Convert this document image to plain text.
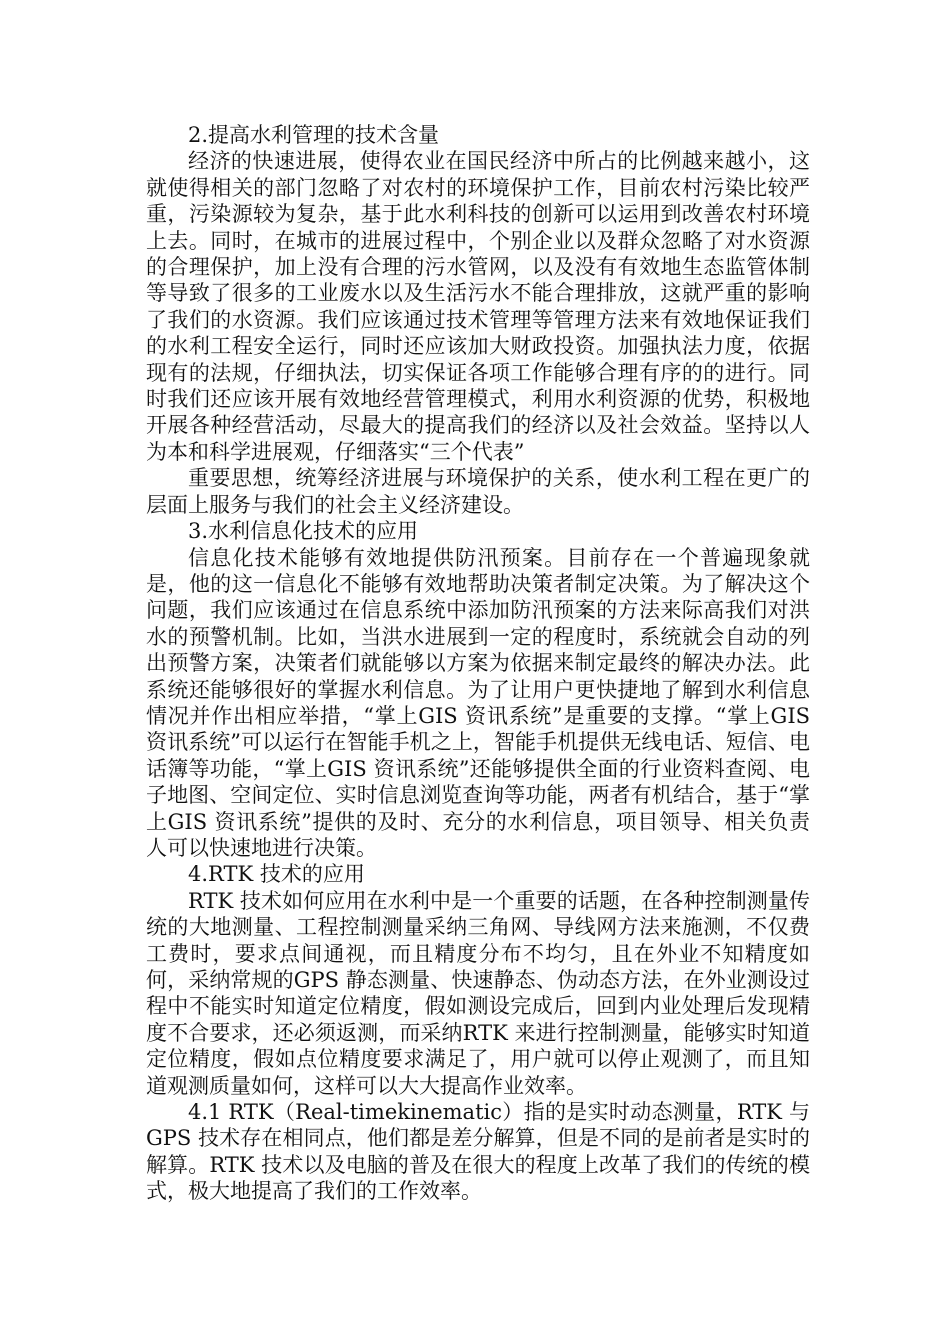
2.提高水利管理的技术含量

经济的快速进展，使得农业在国民经济中所占的比例越来越小，这就使得相关的部门忽略了对农村的环境保护工作，目前农村污染比较严重，污染源较为复杂，基于此水利科技的创新可以运用到改善农村环境上去。同时，在城市的进展过程中，个别企业以及群众忽略了对水资源的合理保护，加上没有合理的污水管网，以及没有有效地生态监管体制等导致了很多的工业废水以及生活污水不能合理排放，这就严重的影响了我们的水资源。我们应该通过技术管理等管理方法来有效地保证我们的水利工程安全运行，同时还应该加大财政投资。加强执法力度，依据现有的法规，仔细执法，切实保证各项工作能够合理有序的的进行。同时我们还应该开展有效地经营管理模式，利用水利资源的优势，积极地开展各种经营活动，尽最大的提高我们的经济以及社会效益。坚持以人为本和科学进展观，仔细落实“三个代表”

重要思想，统筹经济进展与环境保护的关系，使水利工程在更广的层面上服务与我们的社会主义经济建设。

3.水利信息化技术的应用

信息化技术能够有效地提供防汛预案。目前存在一个普遍现象就是，他的这一信息化不能够有效地帮助决策者制定决策。为了解决这个问题，我们应该通过在信息系统中添加防汛预案的方法来际高我们对洪水的预警机制。比如，当洪水进展到一定的程度时，系统就会自动的列出预警方案，决策者们就能够以方案为依据来制定最终的解决办法。此系统还能够很好的掌握水利信息。为了让用户更快捷地了解到水利信息情况并作出相应举措，“掌上GIS 资讯系统”是重要的支撑。“掌上GIS 资讯系统”可以运行在智能手机之上，智能手机提供无线电话、短信、电话簿等功能，“掌上GIS 资讯系统”还能够提供全面的行业资料查阅、电子地图、空间定位、实时信息浏览查询等功能，两者有机结合，基于“掌上GIS 资讯系统”提供的及时、充分的水利信息，项目领导、相关负责人可以快速地进行决策。

4.RTK 技术的应用

RTK 技术如何应用在水利中是一个重要的话题，在各种控制测量传统的大地测量、工程控制测量采纳三角网、导线网方法来施测，不仅费工费时，要求点间通视，而且精度分布不均匀，且在外业不知精度如何，采纳常规的GPS 静态测量、快速静态、伪动态方法，在外业测设过程中不能实时知道定位精度，假如测设完成后，回到内业处理后发现精度不合要求，还必须返测，而采纳RTK 来进行控制测量，能够实时知道定位精度，假如点位精度要求满足了，用户就可以停止观测了，而且知道观测质量如何，这样可以大大提高作业效率。

4.1 RTK（Real-timekinematic）指的是实时动态测量，RTK 与GPS 技术存在相同点，他们都是差分解算，但是不同的是前者是实时的解算。RTK 技术以及电脑的普及在很大的程度上改革了我们的传统的模式，极大地提高了我们的工作效率。
